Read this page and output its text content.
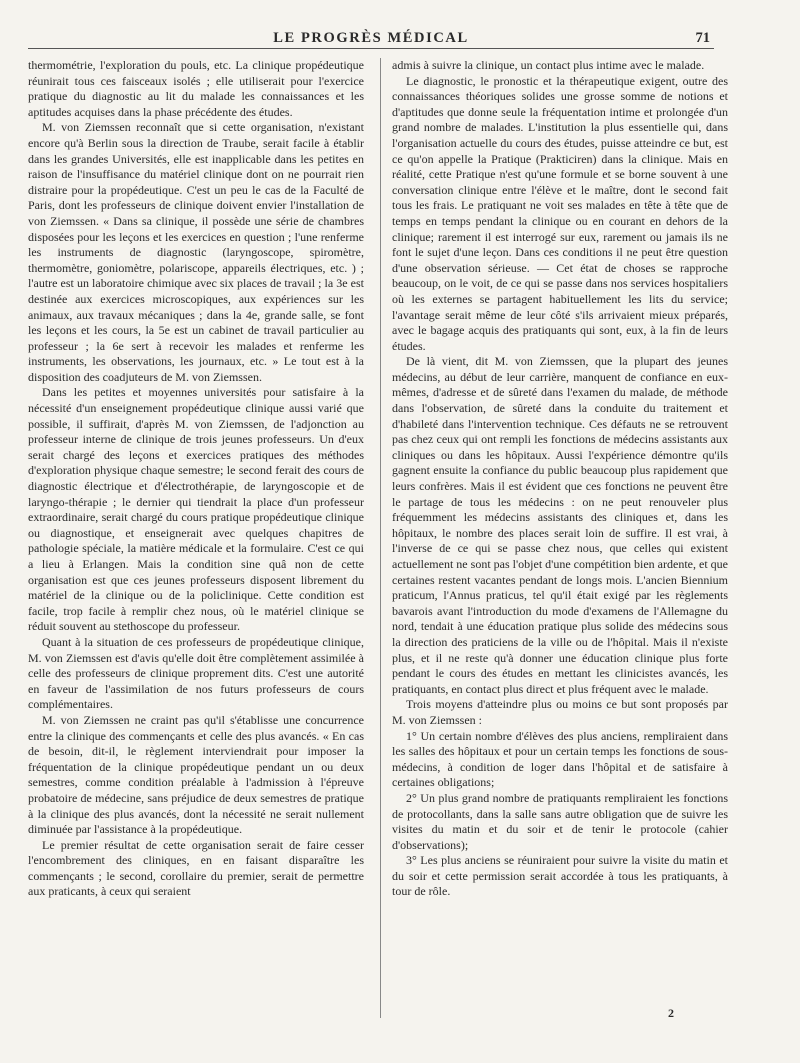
LE PROGRÈS MÉDICAL	71

thermométrie, l'exploration du pouls, etc. La clinique propédeutique réunirait tous ces faisceaux isolés ; elle utiliserait pour l'exercice pratique du diagnostic au lit du malade les connaissances et les aptitudes acquises dans la phase précédente des études.

M. von Ziemssen reconnaît que si cette organisation, n'existant encore qu'à Berlin sous la direction de Traube, serait facile à établir dans les grandes Universités, elle est inapplicable dans les petites en raison de l'insuffisance du matériel clinique dont on ne pourrait rien distraire pour la propédeutique. C'est un peu le cas de la Faculté de Paris, dont les professeurs de clinique doivent envier l'installation de von Ziemssen. « Dans sa clinique, il possède une série de chambres disposées pour les leçons et les exercices en question ; l'une renferme les instruments de diagnostic (laryngoscope, spiromètre, thermomètre, goniomètre, polariscope, appareils électriques, etc. ) ; l'autre est un laboratoire chimique avec six places de travail ; la 3e est destinée aux exercices microscopiques, aux expériences sur les animaux, aux travaux mécaniques ; dans la 4e, grande salle, se font les leçons et les cours, la 5e est un cabinet de travail particulier au professeur ; la 6e sert à recevoir les malades et renferme les instruments, les observations, les journaux, etc. » Le tout est à la disposition des coadjuteurs de M. von Ziemssen.

Dans les petites et moyennes universités pour satisfaire à la nécessité d'un enseignement propédeutique clinique aussi varié que possible, il suffirait, d'après M. von Ziemssen, de l'adjonction au professeur interne de clinique de trois jeunes professeurs. Un d'eux serait chargé des leçons et exercices pratiques des méthodes d'exploration physique chaque semestre; le second ferait des cours de diagnostic électrique et d'électrothérapie, de laryngoscopie et de laryngo-thérapie ; le dernier qui tiendrait la place d'un professeur extraordinaire, serait chargé du cours pratique propédeutique clinique ou diagnostique, et enseignerait avec quelques chapitres de pathologie spéciale, la matière médicale et la formulaire. C'est ce qui a lieu à Erlangen. Mais la condition sine quâ non de cette organisation est que ces jeunes professeurs disposent librement du matériel de la clinique ou de la policlinique. Cette condition est facile, trop facile à remplir chez nous, où le matériel clinique se réduit souvent au stethoscope du professeur.

Quant à la situation de ces professeurs de propédeutique clinique, M. von Ziemssen est d'avis qu'elle doit être complètement assimilée à celle des professeurs de clinique proprement dits. C'est une autorité en faveur de l'assimilation de nos futurs professeurs de cours complémentaires.

M. von Ziemssen ne craint pas qu'il s'établisse une concurrence entre la clinique des commençants et celle des plus avancés. « En cas de besoin, dit-il, le règlement interviendrait pour imposer la fréquentation de la clinique propédeutique pendant un ou deux semestres, comme condition préalable à l'admission à l'épreuve probatoire de médecine, sans préjudice de deux semestres de pratique à la clinique des plus avancés, dont la nécessité ne serait nullement diminuée par l'assistance à la propédeutique.

Le premier résultat de cette organisation serait de faire cesser l'encombrement des cliniques, en en faisant disparaître les commençants ; le second, corollaire du premier, serait de permettre aux praticants, à ceux qui seraient

admis à suivre la clinique, un contact plus intime avec le malade.

Le diagnostic, le pronostic et la thérapeutique exigent, outre des connaissances théoriques solides une grosse somme de notions et d'aptitudes que donne seule la fréquentation intime et prolongée d'un grand nombre de malades. L'institution la plus essentielle qui, dans l'organisation actuelle du cours des études, puisse atteindre ce but, est ce qu'on appelle la Pratique (Prakticiren) dans la clinique. Mais en réalité, cette Pratique n'est qu'une formule et se borne souvent à une conversation clinique entre l'élève et le maître, dont le second fait tous les frais. Le pratiquant ne voit ses malades en tête à tête que de temps en temps pendant la clinique ou en courant en dehors de la clinique; rarement il est interrogé sur eux, rarement ou jamais ils ne font le sujet d'une leçon. Dans ces conditions il ne peut être question d'une observation sérieuse. — Cet état de choses se rapproche beaucoup, on le voit, de ce qui se passe dans nos services hospitaliers où les externes se partagent habituellement les lits du service; l'avantage serait même de leur côté s'ils arrivaient mieux préparés, avec le bagage acquis des pratiquants qui sont, eux, à la fin de leurs études.

De là vient, dit M. von Ziemssen, que la plupart des jeunes médecins, au début de leur carrière, manquent de confiance en eux-mêmes, d'adresse et de sûreté dans l'examen du malade, de méthode dans l'observation, de sûreté dans la conduite du traitement et d'habileté dans l'intervention technique. Ces défauts ne se retrouvent pas chez ceux qui ont rempli les fonctions de médecins assistants aux cliniques ou dans les hôpitaux. Aussi l'expérience démontre qu'ils gagnent ensuite la confiance du public beaucoup plus rapidement que leurs confrères. Mais il est évident que ces fonctions ne peuvent être le partage de tous les médecins : on ne peut renouveler plus fréquemment les médecins assistants des cliniques et, dans les hôpitaux, le nombre des places serait loin de suffire. Il est vrai, à l'inverse de ce qui se passe chez nous, que celles qui existent actuellement ne sont pas l'objet d'une compétition bien ardente, et que certaines restent vacantes pendant de longs mois. L'ancien Biennium praticum, l'Annus praticus, tel qu'il était exigé par les règlements bavarois avant l'introduction du mode d'examens de l'Allemagne du nord, tendait à une éducation pratique plus solide des médecins sous la direction des praticiens de la ville ou de l'hôpital. Mais il n'existe plus, et il ne reste qu'à donner une éducation clinique plus forte pendant le cours des études en mettant les clinicistes avancés, les pratiquants, en contact plus direct et plus fréquent avec le malade.

Trois moyens d'atteindre plus ou moins ce but sont proposés par M. von Ziemssen :

1° Un certain nombre d'élèves des plus anciens, rempliraient dans les salles des hôpitaux et pour un certain temps les fonctions de sous-médecins, à condition de loger dans l'hôpital et de satisfaire à certaines obligations;

2° Un plus grand nombre de pratiquants rempliraient les fonctions de protocollants, dans la salle sans autre obligation que de suivre les visites du matin et du soir et de tenir le protocole (cahier d'observations);

3° Les plus anciens se réuniraient pour suivre la visite du matin et du soir et cette permission serait accordée à tous les pratiquants, à tour de rôle.

2
